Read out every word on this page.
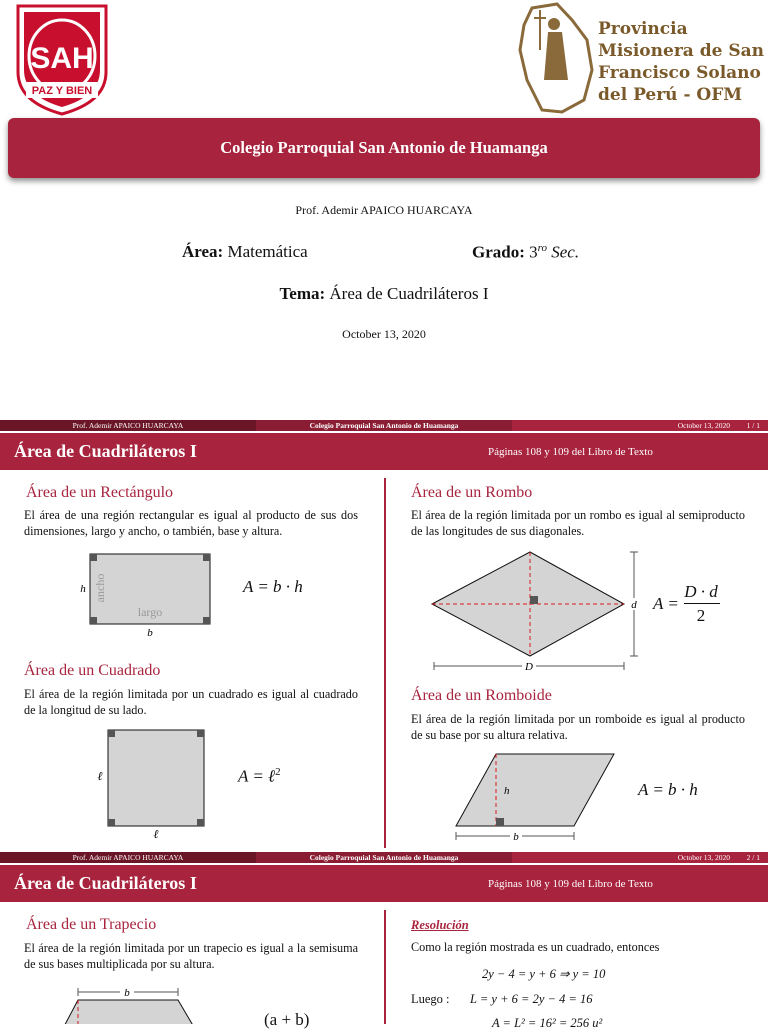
SAH
PAZ Y BIEN
Provincia
Misionera de San
Francisco Solano
del Perú - OFM
Colegio Parroquial San Antonio de Huamanga
Prof. Ademir APAICO HUARCAYA
Área: Matemática	Grado: $3^{ro}$ Sec.
Tema: Área de Cuadriláteros I
October 13, 2020
Prof. Ademir APAICO HUARCAYA	Colegio Parroquial San Antonio de Huamanga	October 13, 2020 1 / 1
Área de Cuadriláteros I	Páginas 108 y 109 del Libro de Texto
Área de un Rectángulo
El área de una región rectangular es igual al producto de sus dos dimensiones, largo y ancho, o también, base y altura.
h
b
largo
ancho	A = b · h
Área de un Cuadrado
El área de la región limitada por un cuadrado es igual al cuadrado de la longitud de su lado.
ℓ
ℓ
A = ℓ$^2$
Área de un Rombo
El área de la región limitada por un rombo es igual al semiproducto de las longitudes de sus diagonales.
D
d A =
D · d
2
Área de un Romboide
El área de la región limitada por un romboide es igual al producto de su base por su altura relativa.
h
b
A = b · h
Prof. Ademir APAICO HUARCAYA	Colegio Parroquial San Antonio de Huamanga	October 13, 2020 2 / 1
Área de Cuadriláteros I	Páginas 108 y 109 del Libro de Texto
Área de un Trapecio
El área de la región limitada por un trapecio es igual a la semisuma de sus bases multiplicada por su altura.
b
(a + b)
Resolución
Como la región mostrada es un cuadrado, entonces
2y − 4 = y + 6 ⇒ y = 10
Luego : L = y + 6 = 2y − 4 = 16
A = L² = 16² = 256 u²
